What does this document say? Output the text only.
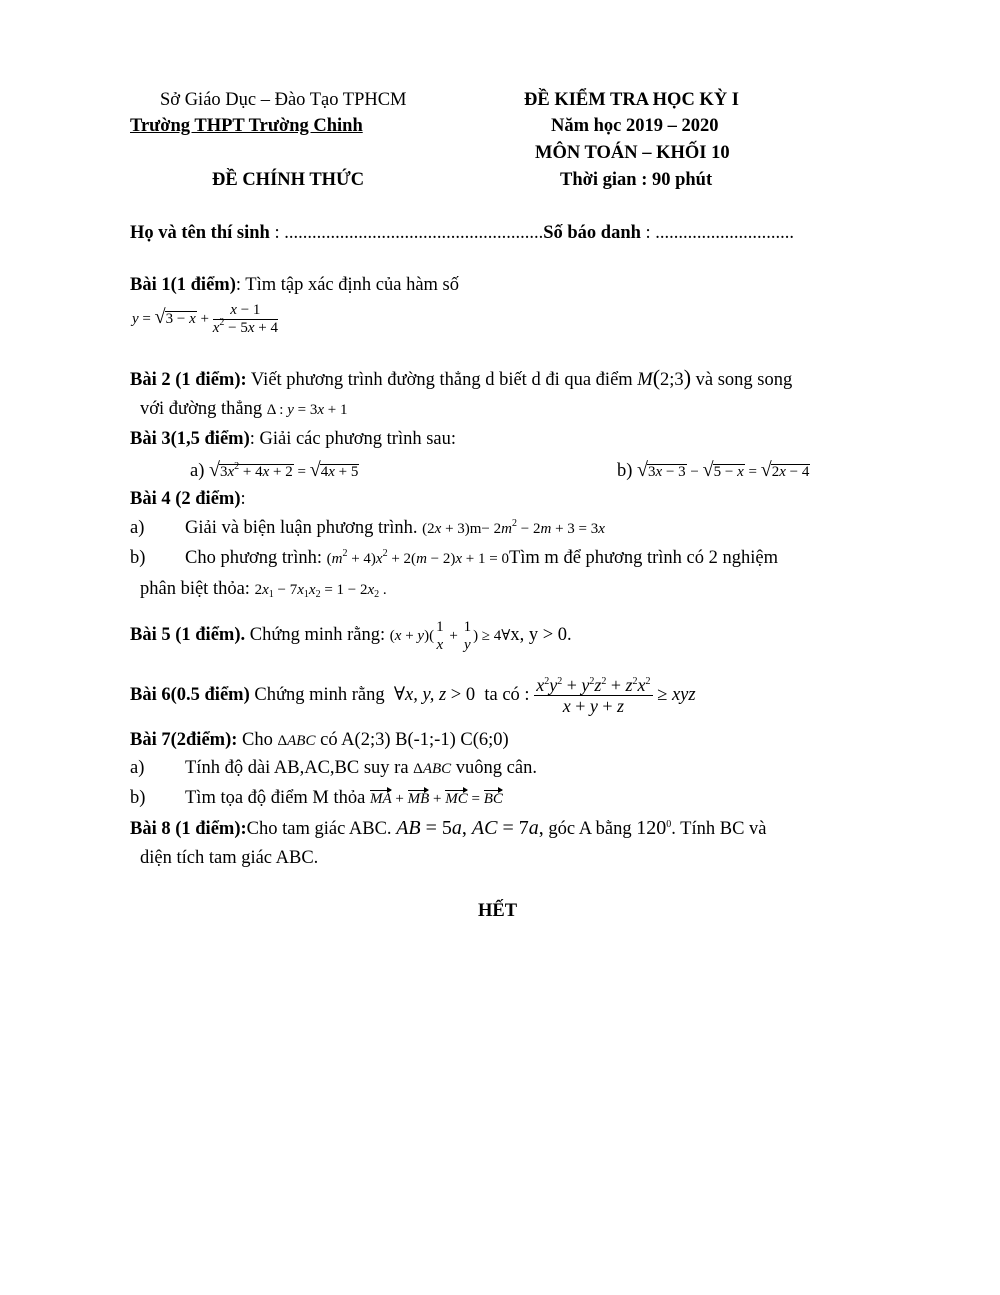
Sở Giáo Dục – Đào Tạo TPHCM
Trường THPT Trường Chinh
ĐỀ CHÍNH THỨC
ĐỀ KIỂM TRA HỌC KỲ I
Năm học 2019 – 2020
MÔN TOÁN – KHỐI 10
Thời gian : 90 phút
Họ và tên thí sinh : ........................................................Số báo danh : ..............................
Bài 1(1 điểm): Tìm tập xác định của hàm số
$y = √3 - x + \frac{x - 1}{x^2 - 5x + 4}$
Bài 2 (1 điểm): Viết phương trình đường thẳng d biết d đi qua điểm M(2;3) và song song
với đường thẳng Δ : y = 3x + 1
Bài 3(1,5 điểm): Giải các phương trình sau:
a) $√3x^2 + 4x + 2 = √4x + 5$	b) √3x − 3 − √5 − x = √2x − 4
Bài 4 (2 điểm):
a) Giải và biện luận phương trình. $(2x + 3)m- 2m^2 - 2m + 3 = 3x$
b) Cho phương trình: $(m^2 + 4)x^2 + 2(m - 2)x + 1$ = 0Tìm m để phương trình có 2 nghiệm
phân biệt thỏa: $2x_1 - 7x_1x_2 = 1 - 2x_2$ .
Bài 5 (1 điểm). Chứng minh rằng: (x + y)(
1
x
+
1
y
) ≥ 4∀x, y > 0.
Bài 6(0.5 điểm) Chứng minh rằng  ∀x, y, z > 0  ta có : $\frac{x^2y^2 + y^2z^2 + z^2x^2}{x + y + z}$ ≥ xyz
Bài 7(2điểm): Cho ΔABC có A(2;3) B(-1;-1) C(6;0)
a) Tính độ dài AB,AC,BC suy ra ΔABC vuông cân.
b) Tìm tọa độ điểm M thỏa MA + MB + MC = BC
Bài 8 (1 điểm):Cho tam giác ABC. AB = 5a, AC = 7a, góc A bằng $120^0$. Tính BC và
diện tích tam giác ABC.
HẾT
